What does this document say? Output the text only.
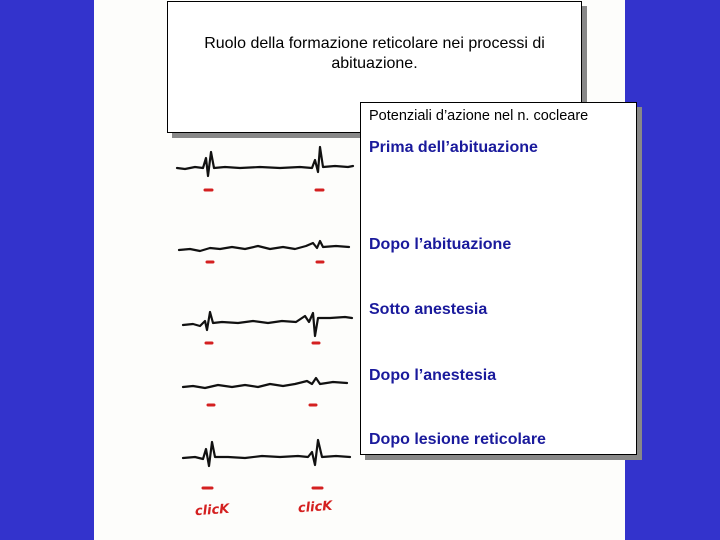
clicK	clicK
Ruolo della formazione reticolare nei processi di abituazione.
Potenziali d’azione nel n. cocleare
Prima dell’abituazione
Dopo l’abituazione
Sotto anestesia
Dopo l’anestesia
Dopo lesione reticolare
